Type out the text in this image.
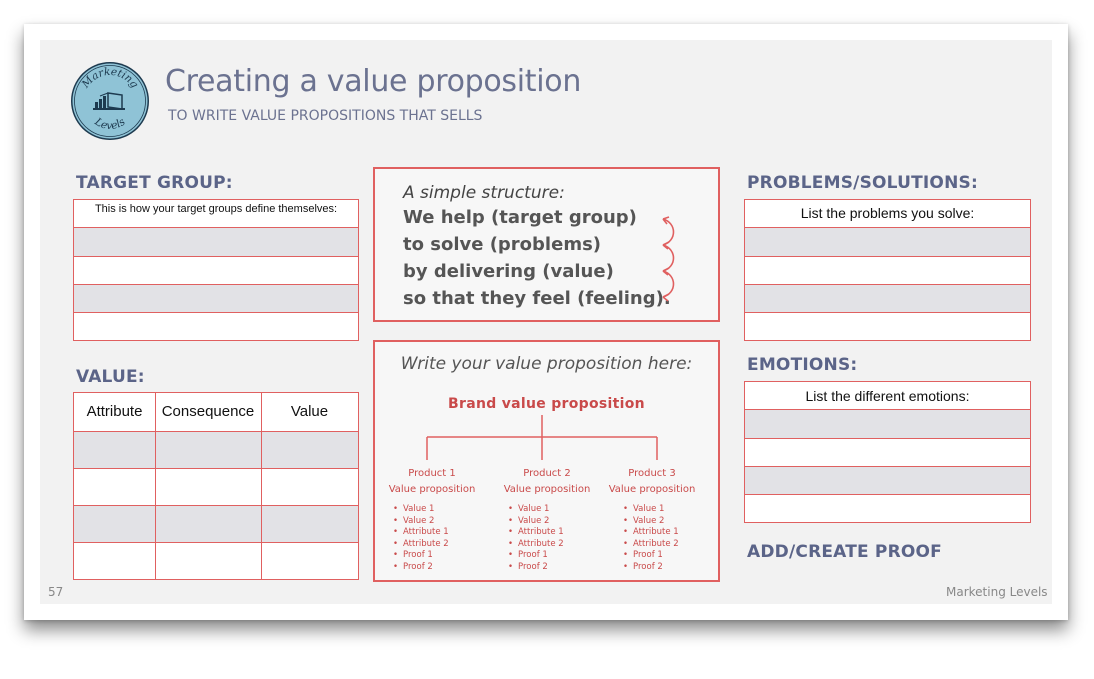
Marketing
Levels
Creating a value proposition
TO WRITE VALUE PROPOSITIONS THAT SELLS
TARGET GROUP:
This is how your target groups define themselves:
VALUE:
Attribute	Consequence	Value
A simple structure:
We help (target group)
to solve (problems)
by delivering (value)
so that they feel (feeling).
Write your value proposition here:
Brand value proposition
Product 1
Value proposition
• Value 1
• Value 2
• Attribute 1
• Attribute 2
• Proof 1
• Proof 2
Product 2
Value proposition
• Value 1
• Value 2
• Attribute 1
• Attribute 2
• Proof 1
• Proof 2
Product 3
Value proposition
• Value 1
• Value 2
• Attribute 1
• Attribute 2
• Proof 1
• Proof 2
PROBLEMS/SOLUTIONS:
List the problems you solve:
EMOTIONS:
List the different emotions:
ADD/CREATE PROOF
57	Marketing Levels
